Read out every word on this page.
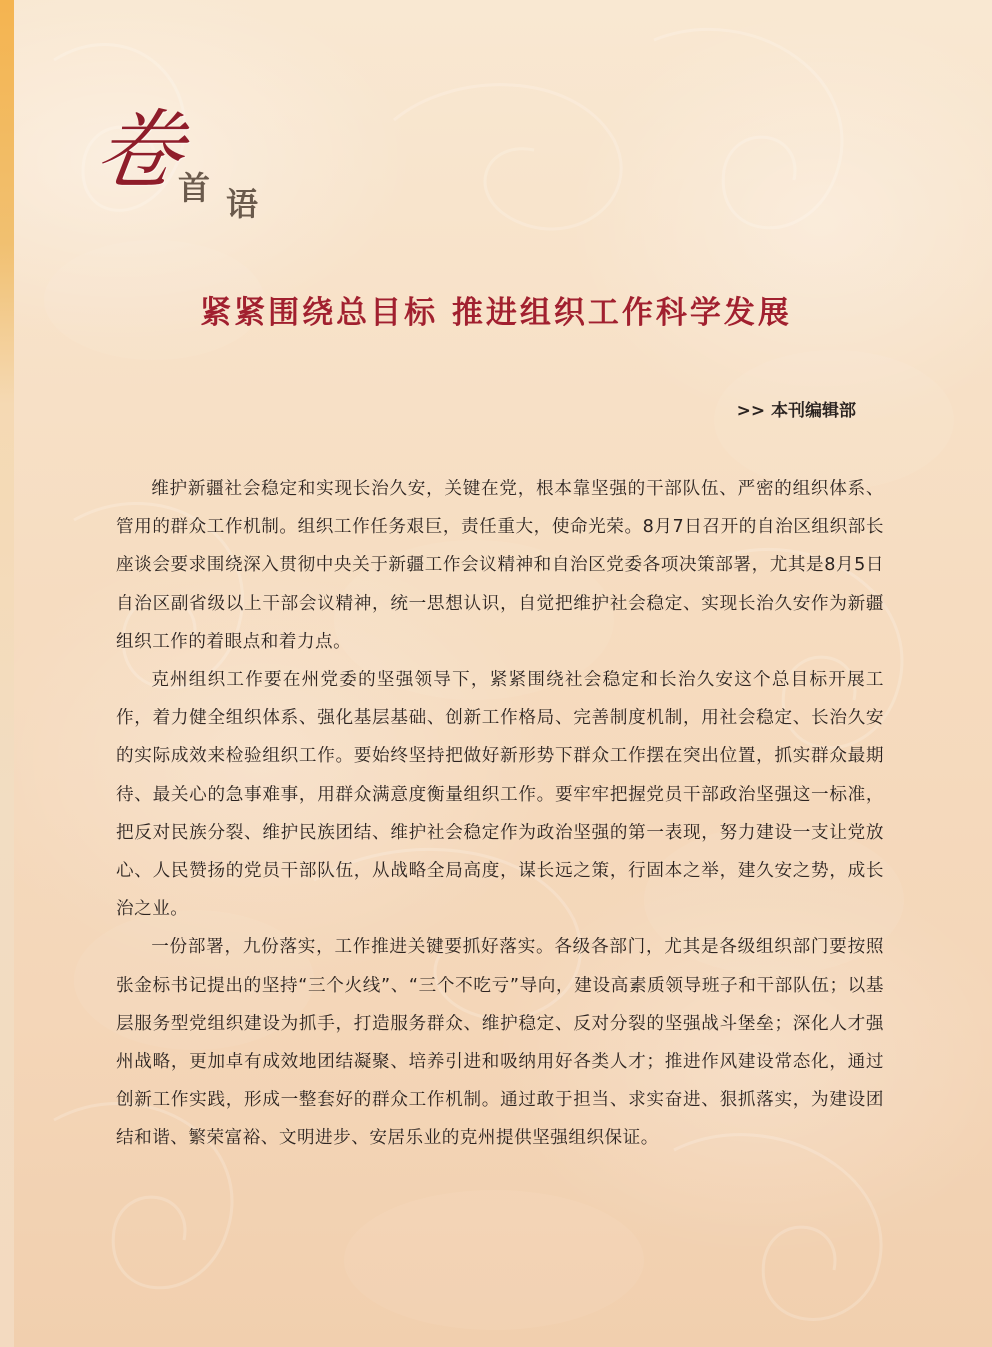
卷
首 语
紧紧围绕总目标 推进组织工作科学发展
>> 本刊编辑部

维护新疆社会稳定和实现长治久安，关键在党，根本靠坚强的干部队伍、严密的组织体系、管用的群众工作机制。组织工作任务艰巨，责任重大，使命光荣。8月7日召开的自治区组织部长座谈会要求围绕深入贯彻中央关于新疆工作会议精神和自治区党委各项决策部署，尤其是8月5日自治区副省级以上干部会议精神，统一思想认识，自觉把维护社会稳定、实现长治久安作为新疆组织工作的着眼点和着力点。

克州组织工作要在州党委的坚强领导下，紧紧围绕社会稳定和长治久安这个总目标开展工作，着力健全组织体系、强化基层基础、创新工作格局、完善制度机制，用社会稳定、长治久安的实际成效来检验组织工作。要始终坚持把做好新形势下群众工作摆在突出位置，抓实群众最期待、最关心的急事难事，用群众满意度衡量组织工作。要牢牢把握党员干部政治坚强这一标准，把反对民族分裂、维护民族团结、维护社会稳定作为政治坚强的第一表现，努力建设一支让党放心、人民赞扬的党员干部队伍，从战略全局高度，谋长远之策，行固本之举，建久安之势，成长治之业。

一份部署，九份落实，工作推进关键要抓好落实。各级各部门，尤其是各级组织部门要按照张金标书记提出的坚持“三个火线”、“三个不吃亏”导向，建设高素质领导班子和干部队伍；以基层服务型党组织建设为抓手，打造服务群众、维护稳定、反对分裂的坚强战斗堡垒；深化人才强州战略，更加卓有成效地团结凝聚、培养引进和吸纳用好各类人才；推进作风建设常态化，通过创新工作实践，形成一整套好的群众工作机制。通过敢于担当、求实奋进、狠抓落实，为建设团结和谐、繁荣富裕、文明进步、安居乐业的克州提供坚强组织保证。
